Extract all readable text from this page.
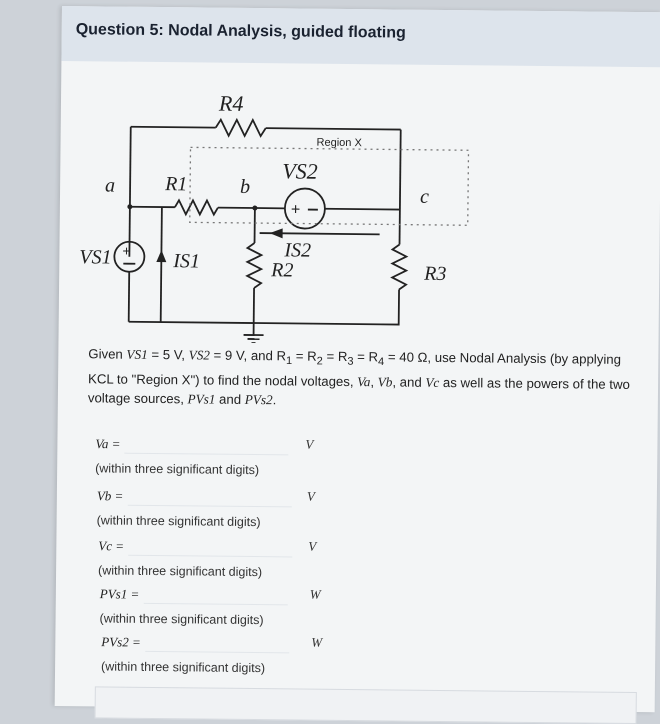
Question 5: Nodal Analysis, guided floating
+
+
R4
R1
R2	R3
VS1	IS1
VS2
IS2
a	b	c
Region X
Given VS1 = 5 V, VS2 = 9 V, and $R_1 = R_2 = R_3 = R_4 = 40$ Ω, use Nodal Analysis (by applying KCL to "Region X") to find the nodal voltages, Va, Vb, and Vc as well as the powers of the two voltage sources, PVs1 and PVs2.
Va =	V
(within three significant digits)
Vb =	V
(within three significant digits)
Vc =	V
(within three significant digits)
PVs1 =	W
(within three significant digits)
PVs2 =	W
(within three significant digits)
